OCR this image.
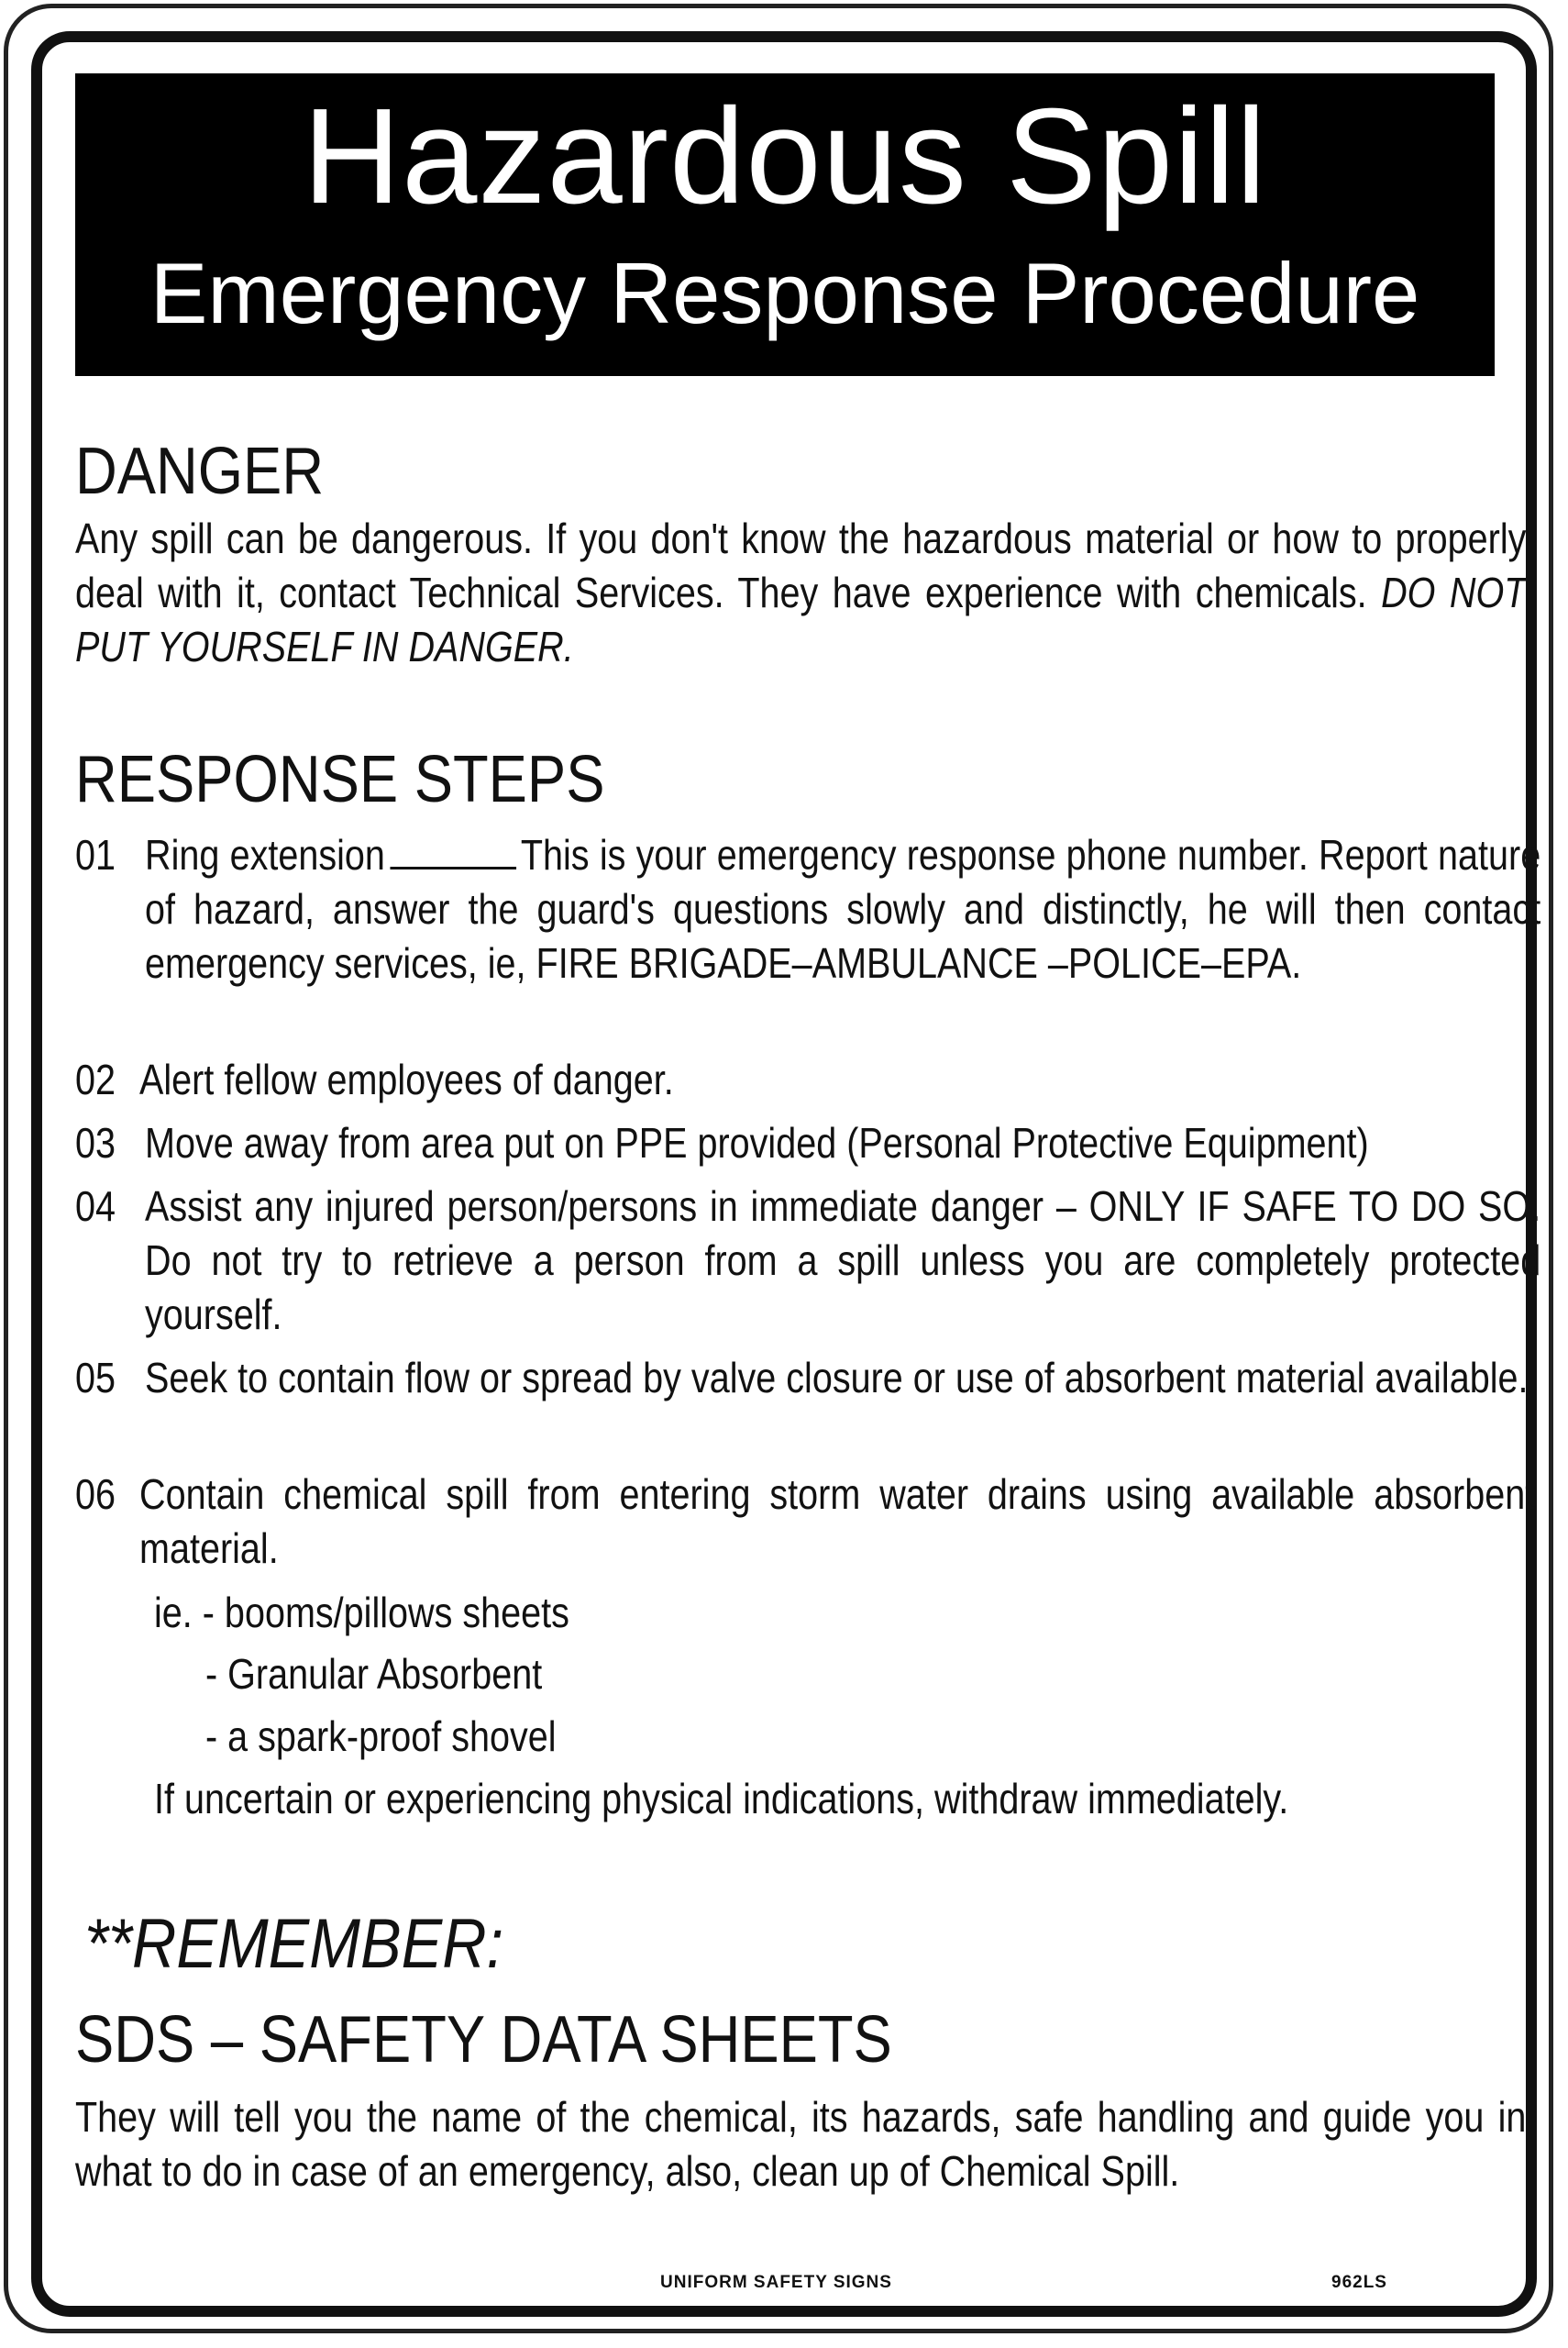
Hazardous Spill
Emergency Response Procedure
DANGER
Any spill can be dangerous. If you don't know the hazardous material or how to properly deal with it, contact Technical Services. They have experience with chemicals. DO NOT PUT YOURSELF IN DANGER.
RESPONSE STEPS
01 Ring extension	This is your emergency response phone number. Report nature of hazard, answer the guard's questions slowly and distinctly, he will then contact emergency services, ie, FIRE BRIGADE–AMBULANCE –POLICE–EPA.
02 Alert fellow employees of danger.
03 Move away from area put on PPE provided (Personal Protective Equipment)
04 Assist any injured person/persons in immediate danger – ONLY IF SAFE TO DO SO. Do not try to retrieve a person from a spill unless you are completely protected yourself.
05 Seek to contain flow or spread by valve closure or use of absorbent material available.
06 Contain chemical spill from entering storm water drains using available absorbent material.
ie. - booms/pillows sheets
- Granular Absorbent
- a spark-proof shovel
If uncertain or experiencing physical indications, withdraw immediately.
**REMEMBER:
SDS – SAFETY DATA SHEETS
They will tell you the name of the chemical, its hazards, safe handling and guide you in what to do in case of an emergency, also, clean up of Chemical Spill.
UNIFORM SAFETY SIGNS	962LS
